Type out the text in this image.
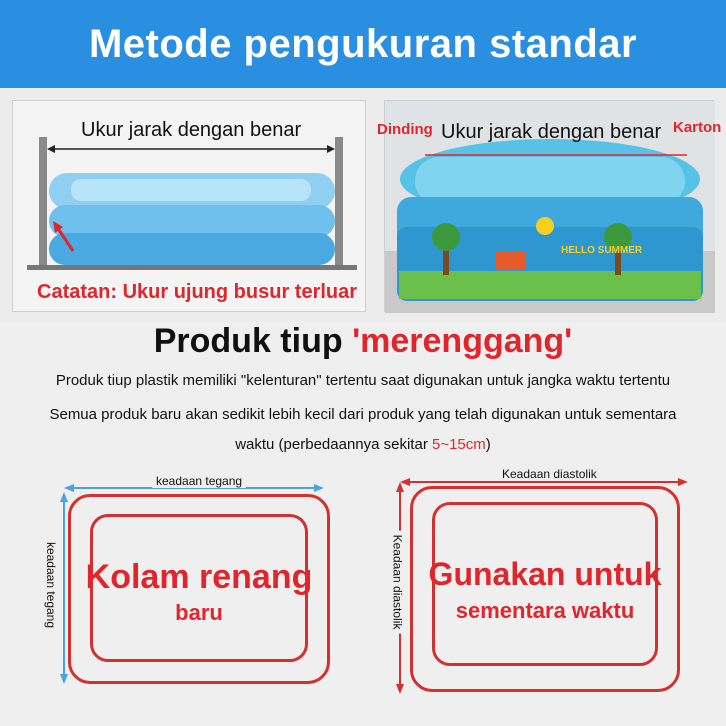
Metode pengukuran standar
Ukur jarak dengan benar
Catatan: Ukur ujung busur terluar
Ukur jarak dengan benar
Dinding	Karton
HELLO SUMMER
Produk tiup 'merenggang'
Produk tiup plastik memiliki "kelenturan" tertentu saat digunakan untuk jangka waktu tertentu
Semua produk baru akan sedikit lebih kecil dari produk yang telah digunakan untuk sementara
waktu (perbedaannya sekitar 5~15cm)
keadaan tegang
keadaan tegang Kolam renang
baru
Keadaan diastolik
Keadaan diastolik Gunakan untuk
sementara waktu
